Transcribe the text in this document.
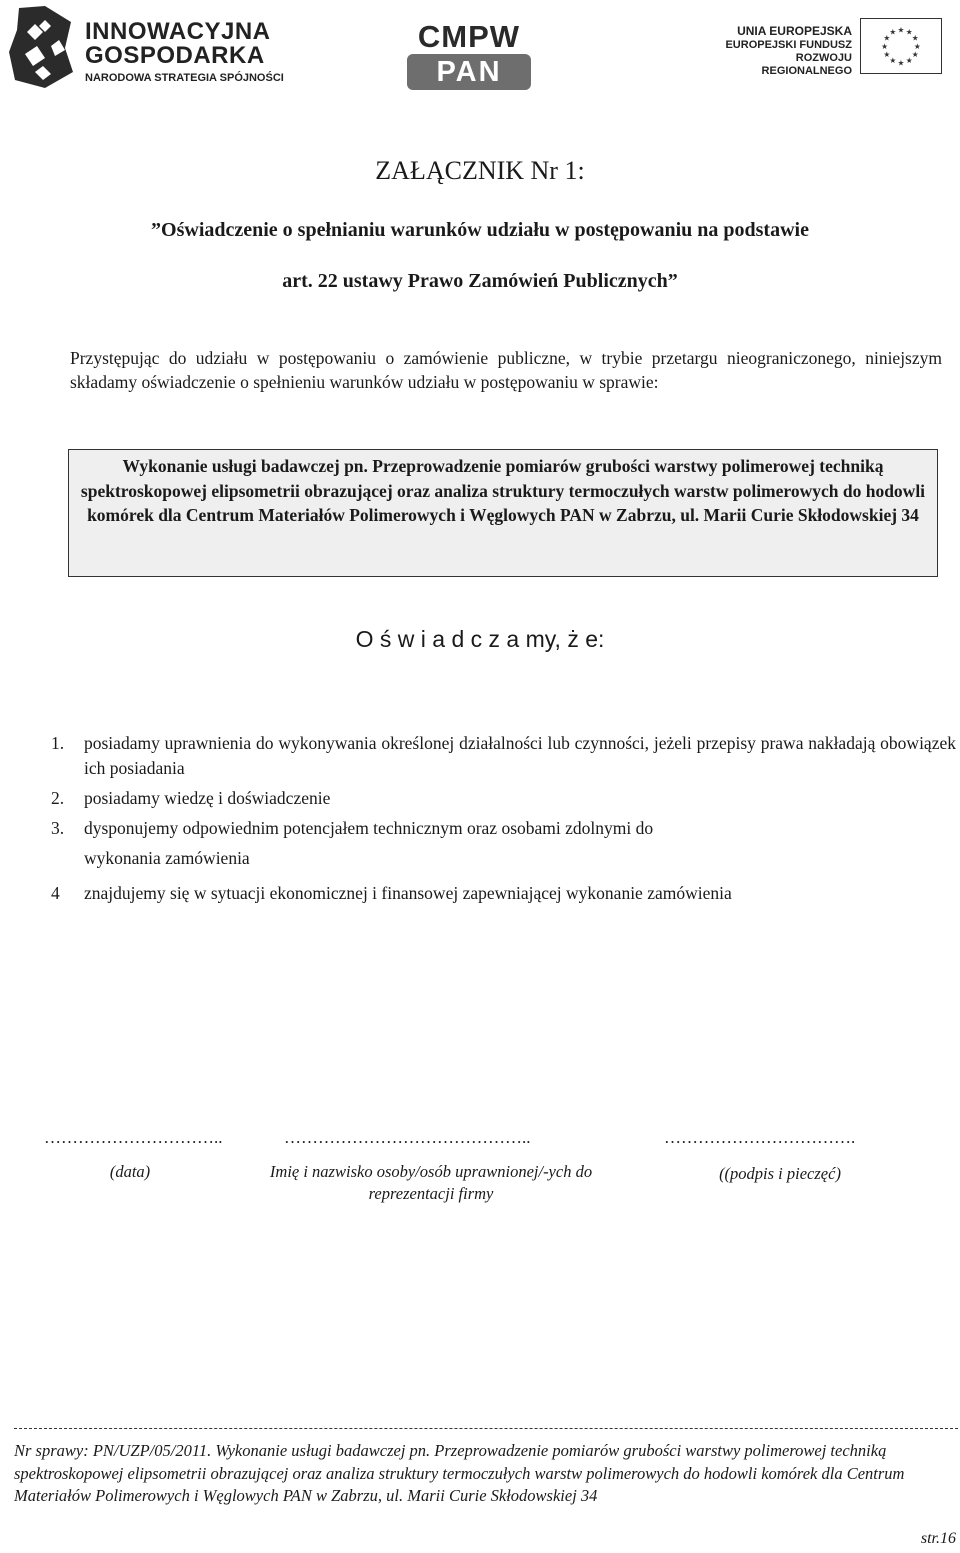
INNOWACYJNA
GOSPODARKA
NARODOWA STRATEGIA SPÓJNOŚCI
CMPW
PAN
UNIA EUROPEJSKA
EUROPEJSKI FUNDUSZ
ROZWOJU REGIONALNEGO
★
★
★
★
★
★
★
★
★ ★ ★
★
ZAŁĄCZNIK Nr 1:
”Oświadczenie o spełnianiu warunków udziału w postępowaniu na podstawie
art. 22 ustawy Prawo Zamówień Publicznych”
Przystępując do udziału w postępowaniu o zamówienie publiczne, w trybie przetargu nieograniczonego, niniejszym składamy oświadczenie o spełnieniu warunków udziału w postępowaniu w sprawie:
Wykonanie usługi badawczej pn. Przeprowadzenie pomiarów grubości warstwy polimerowej techniką spektroskopowej elipsometrii obrazującej oraz analiza struktury termoczułych warstw polimerowych do hodowli komórek dla Centrum Materiałów Polimerowych i Węglowych PAN w Zabrzu, ul. Marii Curie Skłodowskiej 34
O ś w i a d c z a my, ż e:
1. posiadamy uprawnienia do wykonywania określonej działalności lub czynności, jeżeli przepisy prawa nakładają obowiązek ich posiadania
2. posiadamy wiedzę i doświadczenie
3. dysponujemy odpowiednim potencjałem technicznym oraz osobami zdolnymi do
wykonania zamówienia
4 znajdujemy się w sytuacji ekonomicznej i finansowej zapewniającej wykonanie zamówienia
…………………………..	……………………………………..	…………………………….
(data)	Imię i nazwisko osoby/osób uprawnionej/-ych do reprezentacji firmy
((podpis i pieczęć)
Nr sprawy: PN/UZP/05/2011. Wykonanie usługi badawczej pn. Przeprowadzenie pomiarów grubości warstwy polimerowej techniką spektroskopowej elipsometrii obrazującej oraz analiza struktury termoczułych warstw polimerowych do hodowli komórek dla Centrum Materiałów Polimerowych i Węglowych PAN w Zabrzu, ul. Marii Curie Skłodowskiej 34
str.16
